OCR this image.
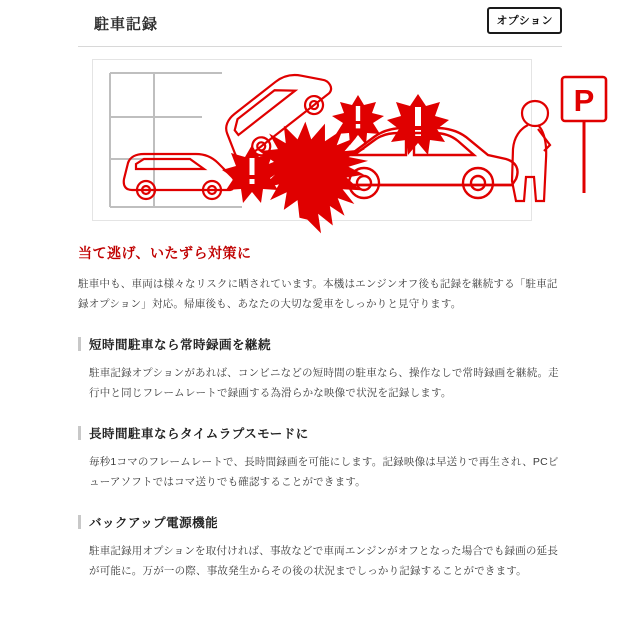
駐車記録	オプション
P
当て逃げ、いたずら対策に
駐車中も、車両は様々なリスクに晒されています。本機はエンジンオフ後も記録を継続する「駐車記録オプション」対応。帰庫後も、あなたの大切な愛車をしっかりと見守ります。
短時間駐車なら常時録画を継続
駐車記録オプションがあれば、コンビニなどの短時間の駐車なら、操作なしで常時録画を継続。走行中と同じフレームレートで録画する為滑らかな映像で状況を記録します。
長時間駐車ならタイムラプスモードに
毎秒1コマのフレームレートで、長時間録画を可能にします。記録映像は早送りで再生され、PCビューアソフトではコマ送りでも確認することができます。
バックアップ電源機能
駐車記録用オプションを取付ければ、事故などで車両エンジンがオフとなった場合でも録画の延長が可能に。万が一の際、事故発生からその後の状況までしっかり記録することができます。
